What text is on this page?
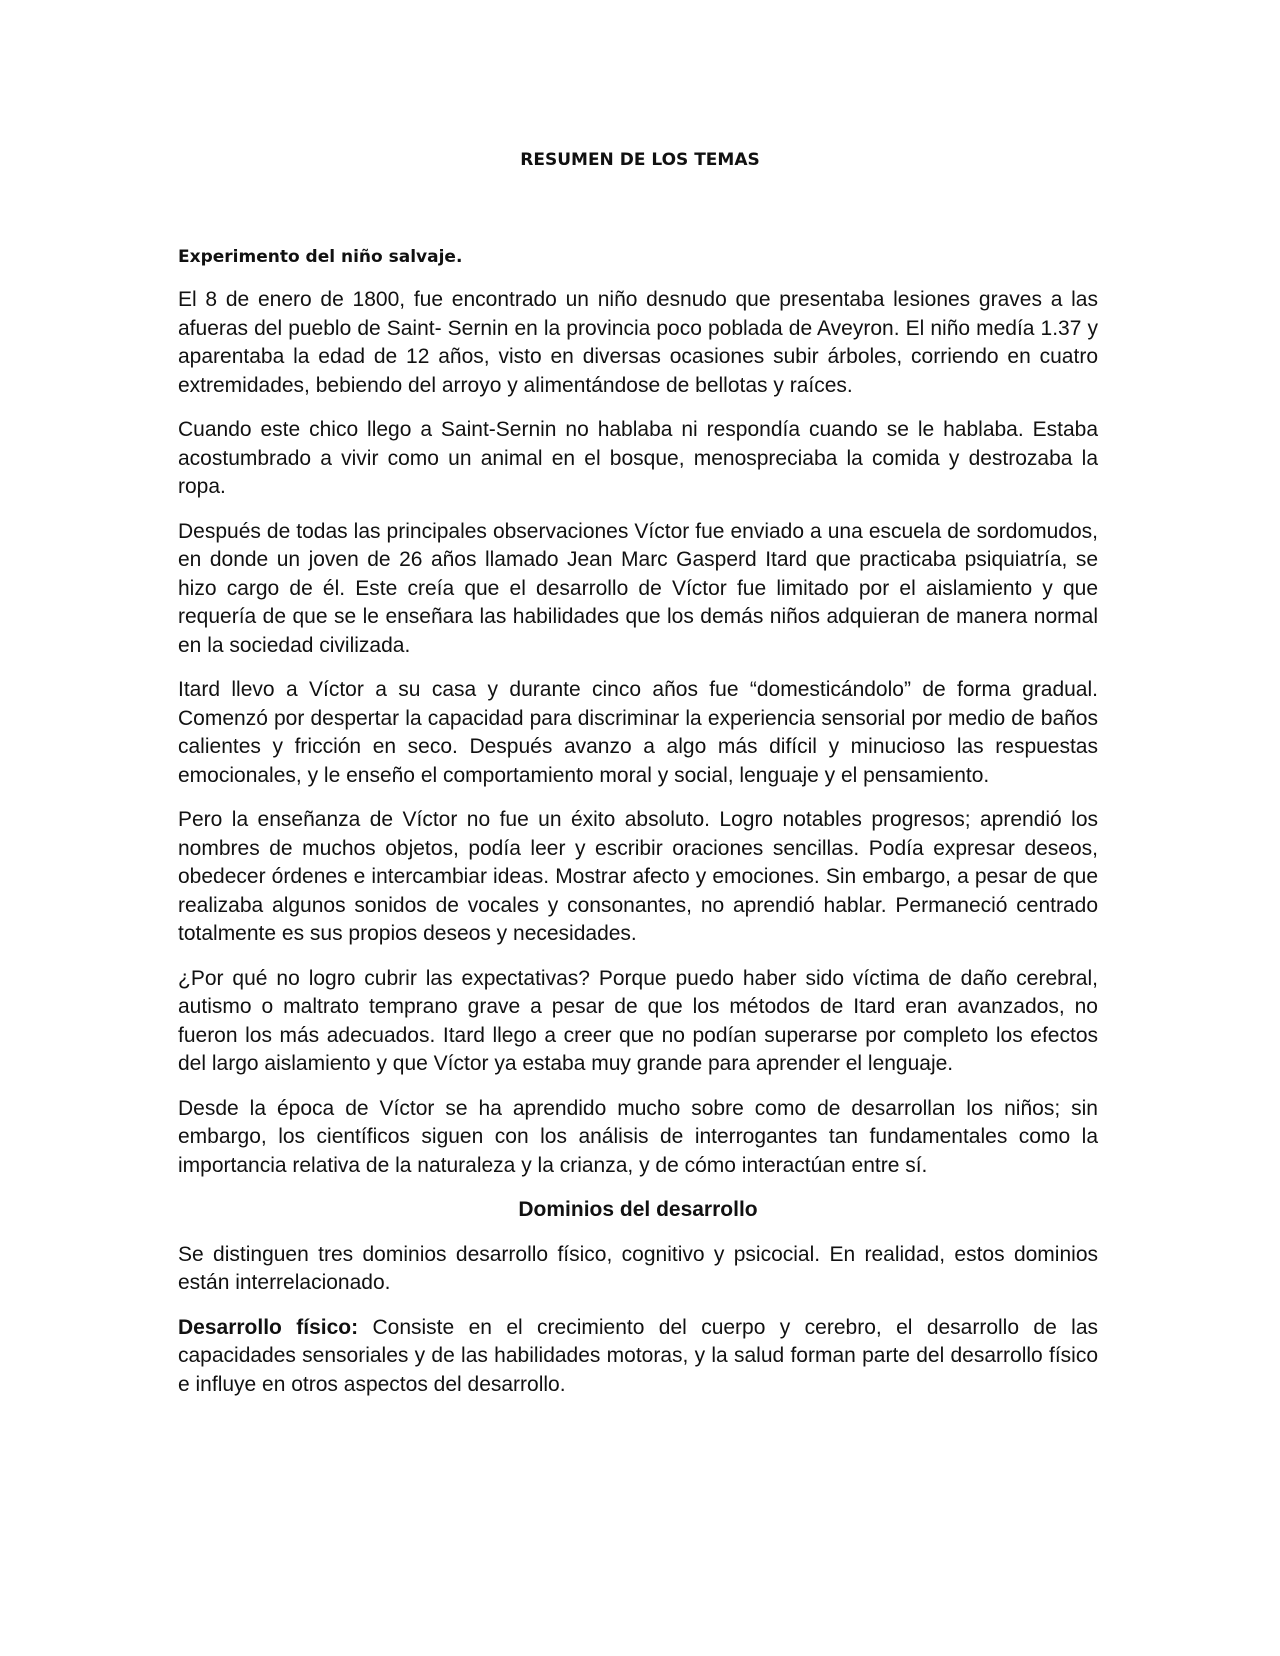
RESUMEN DE LOS TEMAS
Experimento del niño salvaje.

El 8 de enero de 1800, fue encontrado un niño desnudo que presentaba lesiones graves a las afueras del pueblo de Saint- Sernin en la provincia poco poblada de Aveyron. El niño medía 1.37 y aparentaba la edad de 12 años, visto en diversas ocasiones subir árboles, corriendo en cuatro extremidades, bebiendo del arroyo y alimentándose de bellotas y raíces.

Cuando este chico llego a Saint-Sernin no hablaba ni respondía cuando se le hablaba. Estaba acostumbrado a vivir como un animal en el bosque, menospreciaba la comida y destrozaba la ropa.

Después de todas las principales observaciones Víctor fue enviado a una escuela de sordomudos, en donde un joven de 26 años llamado Jean Marc Gasperd Itard que practicaba psiquiatría, se hizo cargo de él. Este creía que el desarrollo de Víctor fue limitado por el aislamiento y que requería de que se le enseñara las habilidades que los demás niños adquieran de manera normal en la sociedad civilizada.

Itard llevo a Víctor a su casa y durante cinco años fue “domesticándolo” de forma gradual. Comenzó por despertar la capacidad para discriminar la experiencia sensorial por medio de baños calientes y fricción en seco. Después avanzo a algo más difícil y minucioso las respuestas emocionales, y le enseño el comportamiento moral y social, lenguaje y el pensamiento.

Pero la enseñanza de Víctor no fue un éxito absoluto. Logro notables progresos; aprendió los nombres de muchos objetos, podía leer y escribir oraciones sencillas. Podía expresar deseos, obedecer órdenes e intercambiar ideas. Mostrar afecto y emociones. Sin embargo, a pesar de que realizaba algunos sonidos de vocales y consonantes, no aprendió hablar. Permaneció centrado totalmente es sus propios deseos y necesidades.

¿Por qué no logro cubrir las expectativas? Porque puedo haber sido víctima de daño cerebral, autismo o maltrato temprano grave a pesar de que los métodos de Itard eran avanzados, no fueron los más adecuados. Itard llego a creer que no podían superarse por completo los efectos del largo aislamiento y que Víctor ya estaba muy grande para aprender el lenguaje.

Desde la época de Víctor se ha aprendido mucho sobre como de desarrollan los niños; sin embargo, los científicos siguen con los análisis de interrogantes tan fundamentales como la importancia relativa de la naturaleza y la crianza, y de cómo interactúan entre sí.

Dominios del desarrollo

Se distinguen tres dominios desarrollo físico, cognitivo y psicocial. En realidad, estos dominios están interrelacionado.

Desarrollo físico: Consiste en el crecimiento del cuerpo y cerebro, el desarrollo de las capacidades sensoriales y de las habilidades motoras, y la salud forman parte del desarrollo físico e influye en otros aspectos del desarrollo.
